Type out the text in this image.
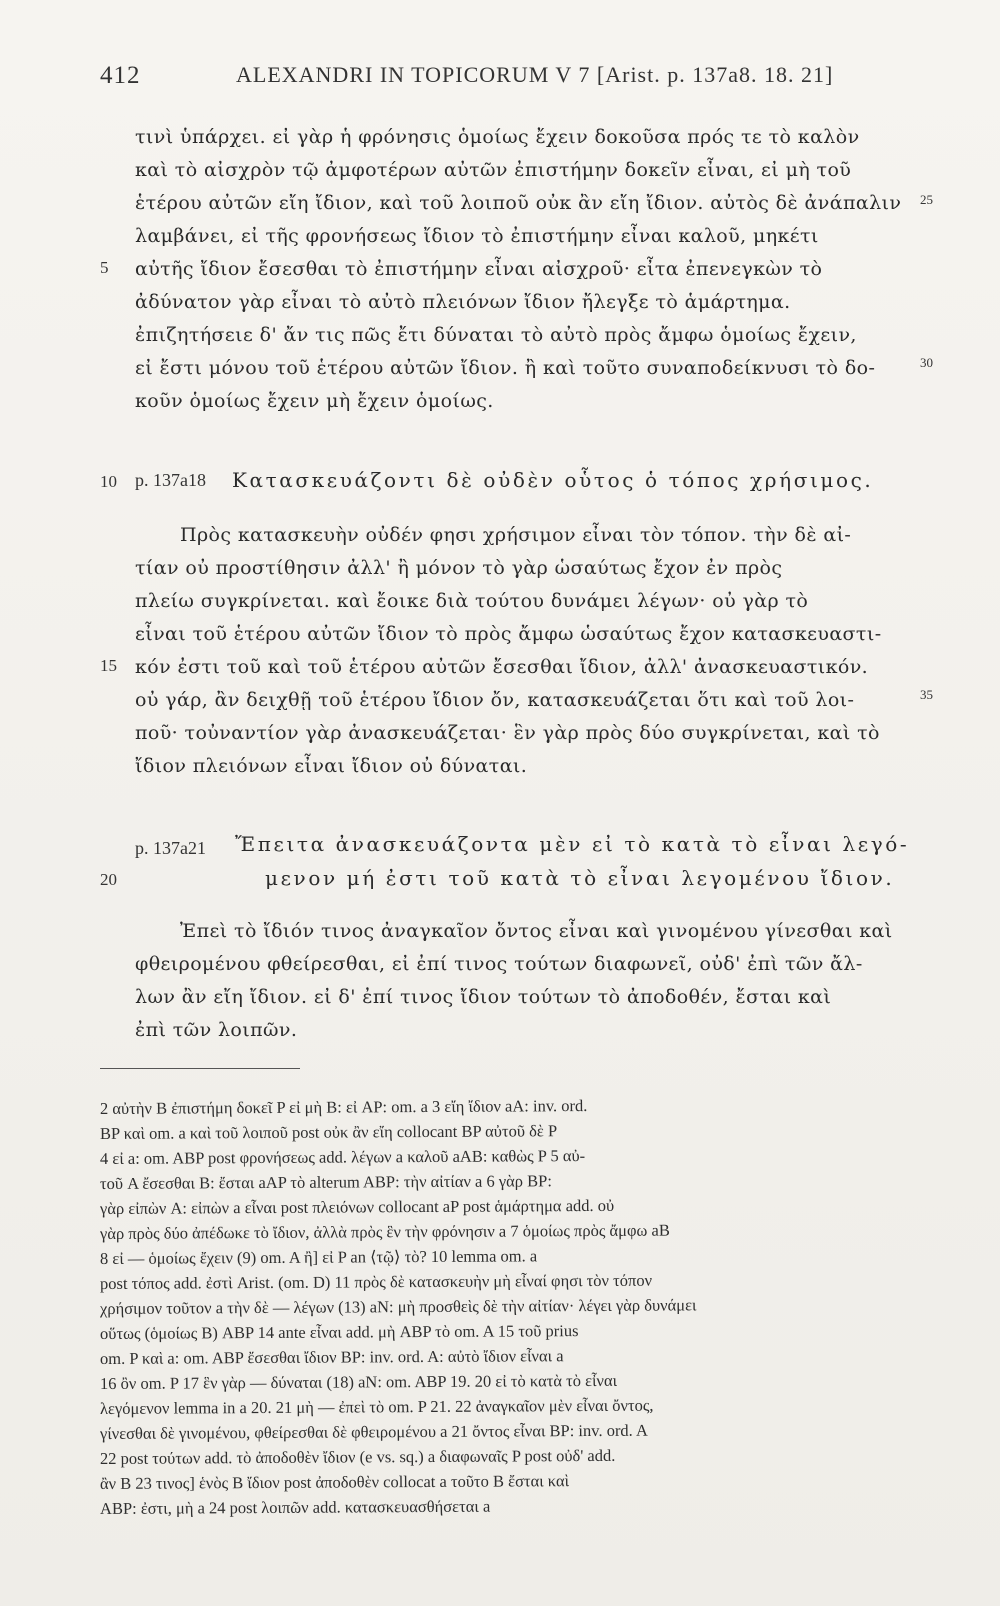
412	ALEXANDRI IN TOPICORUM V 7 [Arist. p. 137a8. 18. 21]
τινὶ ὑπάρχει. εἰ γὰρ ἡ φρόνησις ὁμοίως ἔχειν δοκοῦσα πρός τε τὸ καλὸν
καὶ τὸ αἰσχρὸν τῷ ἀμφοτέρων αὐτῶν ἐπιστήμην δοκεῖν εἶναι, εἰ μὴ τοῦ
ἑτέρου αὐτῶν εἴη ἴδιον, καὶ τοῦ λοιποῦ οὐκ ἂν εἴη ἴδιον. αὐτὸς δὲ ἀνάπαλιν 25
λαμβάνει, εἰ τῆς φρονήσεως ἴδιον τὸ ἐπιστήμην εἶναι καλοῦ, μηκέτι
5 αὐτῆς ἴδιον ἔσεσθαι τὸ ἐπιστήμην εἶναι αἰσχροῦ· εἶτα ἐπενεγκὼν τὸ
ἀδύνατον γὰρ εἶναι τὸ αὐτὸ πλειόνων ἴδιον ἤλεγξε τὸ ἁμάρτημα.
ἐπιζητήσειε δ' ἄν τις πῶς ἔτι δύναται τὸ αὐτὸ πρὸς ἄμφω ὁμοίως ἔχειν,
εἰ ἔστι μόνου τοῦ ἑτέρου αὐτῶν ἴδιον. ἢ καὶ τοῦτο συναποδείκνυσι τὸ δο-	30
κοῦν ὁμοίως ἔχειν μὴ ἔχειν ὁμοίως.
10 p. 137a18 Κατασκευάζοντι δὲ οὐδὲν οὗτος ὁ τόπος χρήσιμος.
Πρὸς κατασκευὴν οὐδέν φησι χρήσιμον εἶναι τὸν τόπον. τὴν δὲ αἰ-
τίαν οὐ προστίθησιν ἀλλ' ἢ μόνον τὸ γὰρ ὡσαύτως ἔχον ἐν πρὸς
πλείω συγκρίνεται. καὶ ἔοικε διὰ τούτου δυνάμει λέγων· οὐ γὰρ τὸ
εἶναι τοῦ ἑτέρου αὐτῶν ἴδιον τὸ πρὸς ἄμφω ὡσαύτως ἔχον κατασκευαστι-
15 κόν ἐστι τοῦ καὶ τοῦ ἑτέρου αὐτῶν ἔσεσθαι ἴδιον, ἀλλ' ἀνασκευαστικόν.
οὐ γάρ, ἂν δειχθῇ τοῦ ἑτέρου ἴδιον ὄν, κατασκευάζεται ὅτι καὶ τοῦ λοι-	35
ποῦ· τοὐναντίον γὰρ ἀνασκευάζεται· ἓν γὰρ πρὸς δύο συγκρίνεται, καὶ τὸ
ἴδιον πλειόνων εἶναι ἴδιον οὐ δύναται.
p. 137a21 Ἔπειτα ἀνασκευάζοντα μὲν εἰ τὸ κατὰ τὸ εἶναι λεγό-
20	μενον μή ἐστι τοῦ κατὰ τὸ εἶναι λεγομένου ἴδιον.
Ἐπεὶ τὸ ἴδιόν τινος ἀναγκαῖον ὄντος εἶναι καὶ γινομένου γίνεσθαι καὶ
φθειρομένου φθείρεσθαι, εἰ ἐπί τινος τούτων διαφωνεῖ, οὐδ' ἐπὶ τῶν ἄλ-
λων ἂν εἴη ἴδιον. εἰ δ' ἐπί τινος ἴδιον τούτων τὸ ἀποδοθέν, ἔσται καὶ
ἐπὶ τῶν λοιπῶν.
2 αὐτὴν B ἐπιστήμη δοκεῖ P εἰ μὴ B: εἰ AP: om. a 3 εἴη ἴδιον aA: inv. ord.
BP καὶ om. a καὶ τοῦ λοιποῦ post οὐκ ἂν εἴη collocant BP αὐτοῦ δὲ P
4 εἰ a: om. ABP post φρονήσεως add. λέγων a καλοῦ aAB: καθὼς P 5 αὐ-
τοῦ A ἔσεσθαι B: ἔσται aAP τὸ alterum ABP: τὴν αἰτίαν a 6 γὰρ BP:
γὰρ εἰπὼν A: εἰπὼν a εἶναι post πλειόνων collocant aP post ἁμάρτημα add. οὐ
γὰρ πρὸς δύο ἀπέδωκε τὸ ἴδιον, ἀλλὰ πρὸς ἓν τὴν φρόνησιν a 7 ὁμοίως πρὸς ἄμφω aB
8 εἰ — ὁμοίως ἔχειν (9) om. A ἢ] εἰ P an ⟨τῷ⟩ τὸ? 10 lemma om. a
post τόπος add. ἐστὶ Arist. (om. D) 11 πρὸς δὲ κατασκευὴν μὴ εἶναί φησι τὸν τόπον
χρήσιμον τοῦτον a τὴν δὲ — λέγων (13) aN: μὴ προσθεὶς δὲ τὴν αἰτίαν· λέγει γὰρ δυνάμει
οὕτως (ὁμοίως B) ABP 14 ante εἶναι add. μὴ ABP τὸ om. A 15 τοῦ prius
om. P καὶ a: om. ABP ἔσεσθαι ἴδιον BP: inv. ord. A: αὐτὸ ἴδιον εἶναι a
16 ὂν om. P 17 ἓν γὰρ — δύναται (18) aN: om. ABP 19. 20 εἰ τὸ κατὰ τὸ εἶναι
λεγόμενον lemma in a 20. 21 μὴ — ἐπεὶ τὸ om. P 21. 22 ἀναγκαῖον μὲν εἶναι ὄντος,
γίνεσθαι δὲ γινομένου, φθείρεσθαι δὲ φθειρομένου a 21 ὄντος εἶναι BP: inv. ord. A
22 post τούτων add. τὸ ἀποδοθὲν ἴδιον (e vs. sq.) a διαφωναῖς P post οὐδ' add.
ἂν B 23 τινος] ἑνὸς B ἴδιον post ἀποδοθὲν collocat a τοῦτο B ἔσται καὶ
ABP: ἐστι, μὴ a 24 post λοιπῶν add. κατασκευασθήσεται a
